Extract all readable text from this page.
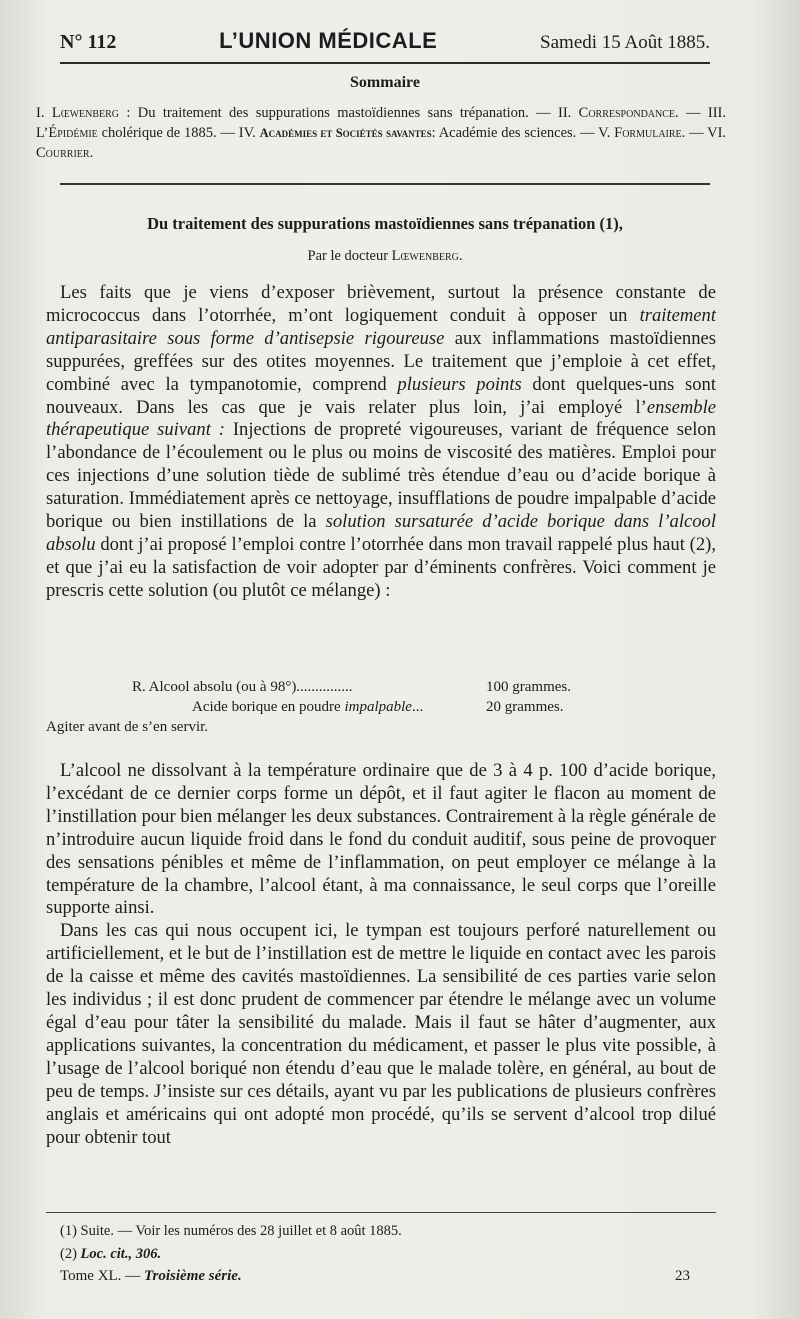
N° 112	L’UNION MÉDICALE	Samedi 15 Août 1885.
Sommaire
I. Lœwenberg : Du traitement des suppurations mastoïdiennes sans trépanation. — II. Correspondance. — III. L’Épidémie cholérique de 1885. — IV. Académies et Sociétés savantes: Académie des sciences. — V. Formulaire. — VI. Courrier.
Du traitement des suppurations mastoïdiennes sans trépanation (1),
Par le docteur Lœwenberg.

Les faits que je viens d’exposer brièvement, surtout la présence constante de micrococcus dans l’otorrhée, m’ont logiquement conduit à opposer un traitement antiparasitaire sous forme d’antisepsie rigoureuse aux inflammations mastoïdiennes suppurées, greffées sur des otites moyennes. Le traitement que j’emploie à cet effet, combiné avec la tympanotomie, comprend plusieurs points dont quelques-uns sont nouveaux. Dans les cas que je vais relater plus loin, j’ai employé l’ensemble thérapeutique suivant : Injections de propreté vigoureuses, variant de fréquence selon l’abondance de l’écoulement ou le plus ou moins de viscosité des matières. Emploi pour ces injections d’une solution tiède de sublimé très étendue d’eau ou d’acide borique à saturation. Immédiatement après ce nettoyage, insufflations de poudre impalpable d’acide borique ou bien instillations de la solution sursaturée d’acide borique dans l’alcool absolu dont j’ai proposé l’emploi contre l’otorrhée dans mon travail rappelé plus haut (2), et que j’ai eu la satisfaction de voir adopter par d’éminents confrères. Voici comment je prescris cette solution (ou plutôt ce mélange) :

R. Alcool absolu (ou à 98°)...............	100 grammes.
Acide borique en poudre impalpable...	20 grammes.
Agiter avant de s’en servir.

L’alcool ne dissolvant à la température ordinaire que de 3 à 4 p. 100 d’acide borique, l’excédant de ce dernier corps forme un dépôt, et il faut agiter le flacon au moment de l’instillation pour bien mélanger les deux substances. Contrairement à la règle générale de n’introduire aucun liquide froid dans le fond du conduit auditif, sous peine de provoquer des sensations pénibles et même de l’inflammation, on peut employer ce mélange à la température de la chambre, l’alcool étant, à ma connaissance, le seul corps que l’oreille supporte ainsi.

Dans les cas qui nous occupent ici, le tympan est toujours perforé naturellement ou artificiellement, et le but de l’instillation est de mettre le liquide en contact avec les parois de la caisse et même des cavités mastoïdiennes. La sensibilité de ces parties varie selon les individus ; il est donc prudent de commencer par étendre le mélange avec un volume égal d’eau pour tâter la sensibilité du malade. Mais il faut se hâter d’augmenter, aux applications suivantes, la concentration du médicament, et passer le plus vite possible, à l’usage de l’alcool boriqué non étendu d’eau que le malade tolère, en général, au bout de peu de temps. J’insiste sur ces détails, ayant vu par les publications de plusieurs confrères anglais et américains qui ont adopté mon procédé, qu’ils se servent d’alcool trop dilué pour obtenir tout

(1) Suite. — Voir les numéros des 28 juillet et 8 août 1885.
(2) Loc. cit., 306.
Tome XL. — Troisième série.	23
